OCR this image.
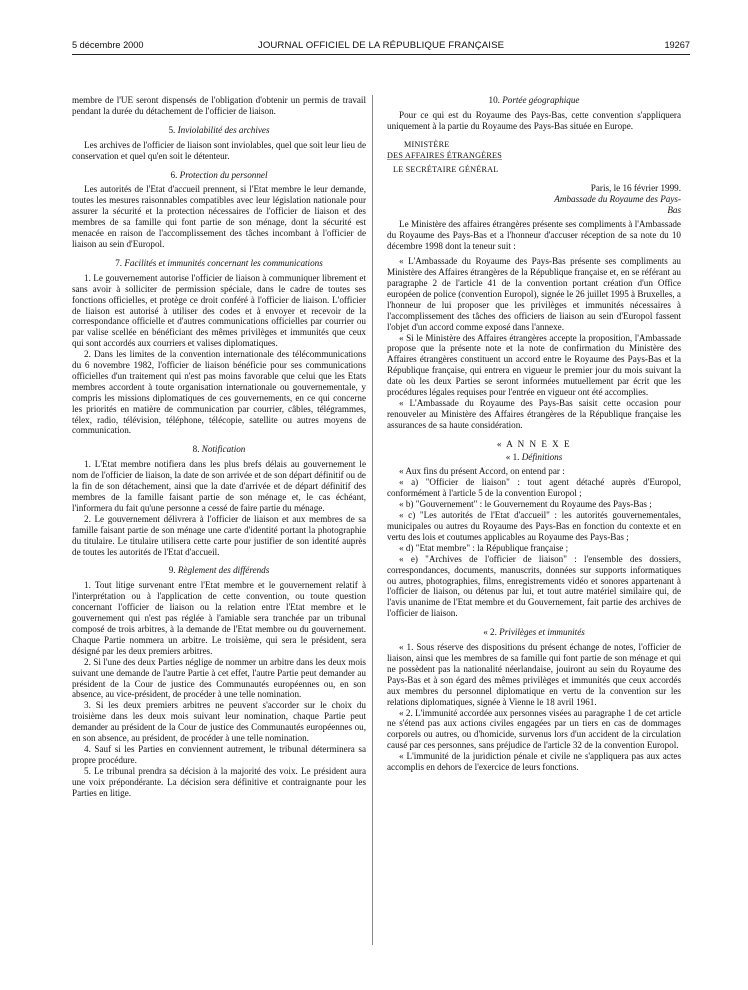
5 décembre 2000	JOURNAL OFFICIEL DE LA RÉPUBLIQUE FRANÇAISE	19267

membre de l'UE seront dispensés de l'obligation d'obtenir un permis de travail pendant la durée du détachement de l'officier de liaison.

5. Inviolabilité des archives

Les archives de l'officier de liaison sont inviolables, quel que soit leur lieu de conservation et quel qu'en soit le détenteur.

6. Protection du personnel

Les autorités de l'Etat d'accueil prennent, si l'Etat membre le leur demande, toutes les mesures raisonnables compatibles avec leur législation nationale pour assurer la sécurité et la protection nécessaires de l'officier de liaison et des membres de sa famille qui font partie de son ménage, dont la sécurité est menacée en raison de l'accomplissement des tâches incombant à l'officier de liaison au sein d'Europol.

7. Facilités et immunités concernant les communications

1. Le gouvernement autorise l'officier de liaison à communiquer librement et sans avoir à solliciter de permission spéciale, dans le cadre de toutes ses fonctions officielles, et protège ce droit conféré à l'officier de liaison. L'officier de liaison est autorisé à utiliser des codes et à envoyer et recevoir de la correspondance officielle et d'autres communications officielles par courrier ou par valise scellée en bénéficiant des mêmes privilèges et immunités que ceux qui sont accordés aux courriers et valises diplomatiques.

2. Dans les limites de la convention internationale des télécommunications du 6 novembre 1982, l'officier de liaison bénéficie pour ses communications officielles d'un traitement qui n'est pas moins favorable que celui que les Etats membres accordent à toute organisation internationale ou gouvernementale, y compris les missions diplomatiques de ces gouvernements, en ce qui concerne les priorités en matière de communication par courrier, câbles, télégrammes, télex, radio, télévision, téléphone, télécopie, satellite ou autres moyens de communication.

8. Notification

1. L'Etat membre notifiera dans les plus brefs délais au gouvernement le nom de l'officier de liaison, la date de son arrivée et de son départ définitif ou de la fin de son détachement, ainsi que la date d'arrivée et de départ définitif des membres de la famille faisant partie de son ménage et, le cas échéant, l'informera du fait qu'une personne a cessé de faire partie du ménage.

2. Le gouvernement délivrera à l'officier de liaison et aux membres de sa famille faisant partie de son ménage une carte d'identité portant la photographie du titulaire. Le titulaire utilisera cette carte pour justifier de son identité auprès de toutes les autorités de l'Etat d'accueil.

9. Règlement des différends

1. Tout litige survenant entre l'Etat membre et le gouvernement relatif à l'interprétation ou à l'application de cette convention, ou toute question concernant l'officier de liaison ou la relation entre l'Etat membre et le gouvernement qui n'est pas réglée à l'amiable sera tranchée par un tribunal composé de trois arbitres, à la demande de l'Etat membre ou du gouvernement. Chaque Partie nommera un arbitre. Le troisième, qui sera le président, sera désigné par les deux premiers arbitres.

2. Si l'une des deux Parties néglige de nommer un arbitre dans les deux mois suivant une demande de l'autre Partie à cet effet, l'autre Partie peut demander au président de la Cour de justice des Communautés européennes ou, en son absence, au vice-président, de procéder à une telle nomination.

3. Si les deux premiers arbitres ne peuvent s'accorder sur le choix du troisième dans les deux mois suivant leur nomination, chaque Partie peut demander au président de la Cour de justice des Communautés européennes ou, en son absence, au président, de procéder à une telle nomination.

4. Sauf si les Parties en conviennent autrement, le tribunal déterminera sa propre procédure.

5. Le tribunal prendra sa décision à la majorité des voix. Le président aura une voix prépondérante. La décision sera définitive et contraignante pour les Parties en litige.

10. Portée géographique

Pour ce qui est du Royaume des Pays-Bas, cette convention s'appliquera uniquement à la partie du Royaume des Pays-Bas située en Europe.

MINISTÈRE
DES AFFAIRES ÉTRANGÈRES
LE SECRÉTAIRE GÉNÉRAL

Paris, le 16 février 1999.

Ambassade du Royaume des Pays-Bas

Le Ministère des affaires étrangères présente ses compliments à l'Ambassade du Royaume des Pays-Bas et a l'honneur d'accuser réception de sa note du 10 décembre 1998 dont la teneur suit :

« L'Ambassade du Royaume des Pays-Bas présente ses compliments au Ministère des Affaires étrangères de la République française et, en se référant au paragraphe 2 de l'article 41 de la convention portant création d'un Office européen de police (convention Europol), signée le 26 juillet 1995 à Bruxelles, a l'honneur de lui proposer que les privilèges et immunités nécessaires à l'accomplissement des tâches des officiers de liaison au sein d'Europol fassent l'objet d'un accord comme exposé dans l'annexe.

« Si le Ministère des Affaires étrangères accepte la proposition, l'Ambassade propose que la présente note et la note de confirmation du Ministère des Affaires étrangères constituent un accord entre le Royaume des Pays-Bas et la République française, qui entrera en vigueur le premier jour du mois suivant la date où les deux Parties se seront informées mutuellement par écrit que les procédures légales requises pour l'entrée en vigueur ont été accomplies.

« L'Ambassade du Royaume des Pays-Bas saisit cette occasion pour renouveler au Ministère des Affaires étrangères de la République française les assurances de sa haute considération.

« A N N E X E
« 1. Définitions

« Aux fins du présent Accord, on entend par :

« a) "Officier de liaison" : tout agent détaché auprès d'Europol, conformément à l'article 5 de la convention Europol ;

« b) "Gouvernement" : le Gouvernement du Royaume des Pays-Bas ;

« c) "Les autorités de l'Etat d'accueil" : les autorités gouvernementales, municipales ou autres du Royaume des Pays-Bas en fonction du contexte et en vertu des lois et coutumes applicables au Royaume des Pays-Bas ;

« d) "Etat membre" : la République française ;

« e) "Archives de l'officier de liaison" : l'ensemble des dossiers, correspondances, documents, manuscrits, données sur supports informatiques ou autres, photographies, films, enregistrements vidéo et sonores appartenant à l'officier de liaison, ou détenus par lui, et tout autre matériel similaire qui, de l'avis unanime de l'Etat membre et du Gouvernement, fait partie des archives de l'officier de liaison.

« 2. Privilèges et immunités

« 1. Sous réserve des dispositions du présent échange de notes, l'officier de liaison, ainsi que les membres de sa famille qui font partie de son ménage et qui ne possèdent pas la nationalité néerlandaise, jouiront au sein du Royaume des Pays-Bas et à son égard des mêmes privilèges et immunités que ceux accordés aux membres du personnel diplomatique en vertu de la convention sur les relations diplomatiques, signée à Vienne le 18 avril 1961.

« 2. L'immunité accordée aux personnes visées au paragraphe 1 de cet article ne s'étend pas aux actions civiles engagées par un tiers en cas de dommages corporels ou autres, ou d'homicide, survenus lors d'un accident de la circulation causé par ces personnes, sans préjudice de l'article 32 de la convention Europol.

« L'immunité de la juridiction pénale et civile ne s'appliquera pas aux actes accomplis en dehors de l'exercice de leurs fonctions.
